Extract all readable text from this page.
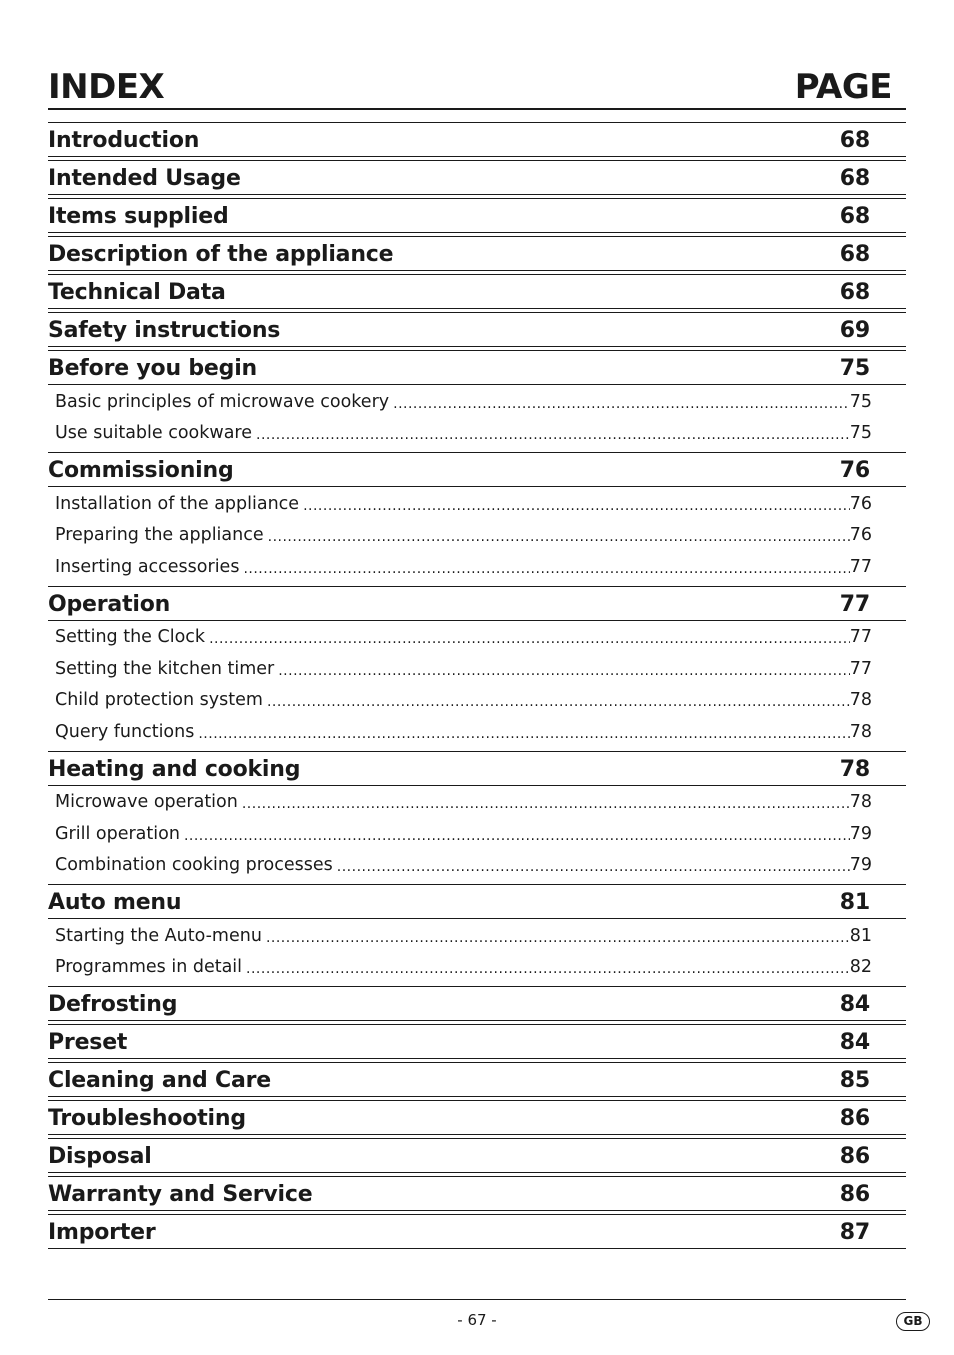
INDEX	PAGE
Introduction	68
Intended Usage	68
Items supplied	68
Description of the appliance	68
Technical Data	68
Safety instructions	69
Before you begin	75
Basic principles of microwave cookery .....	75
Use suitable cookware .....	75
Commissioning	76
Installation of the appliance .....	76
Preparing the appliance .....	76
Inserting accessories .....	77
Operation	77
Setting the Clock .....	77
Setting the kitchen timer .....	77
Child protection system .....	78
Query functions .....	78
Heating and cooking	78
Microwave operation .....	78
Grill operation .....	79
Combination cooking processes .....	79
Auto menu	81
Starting the Auto-menu .....	81
Programmes in detail .....	82
Defrosting	84
Preset	84
Cleaning and Care	85
Troubleshooting	86
Disposal	86
Warranty and Service	86
Importer	87
- 67 -	GB
